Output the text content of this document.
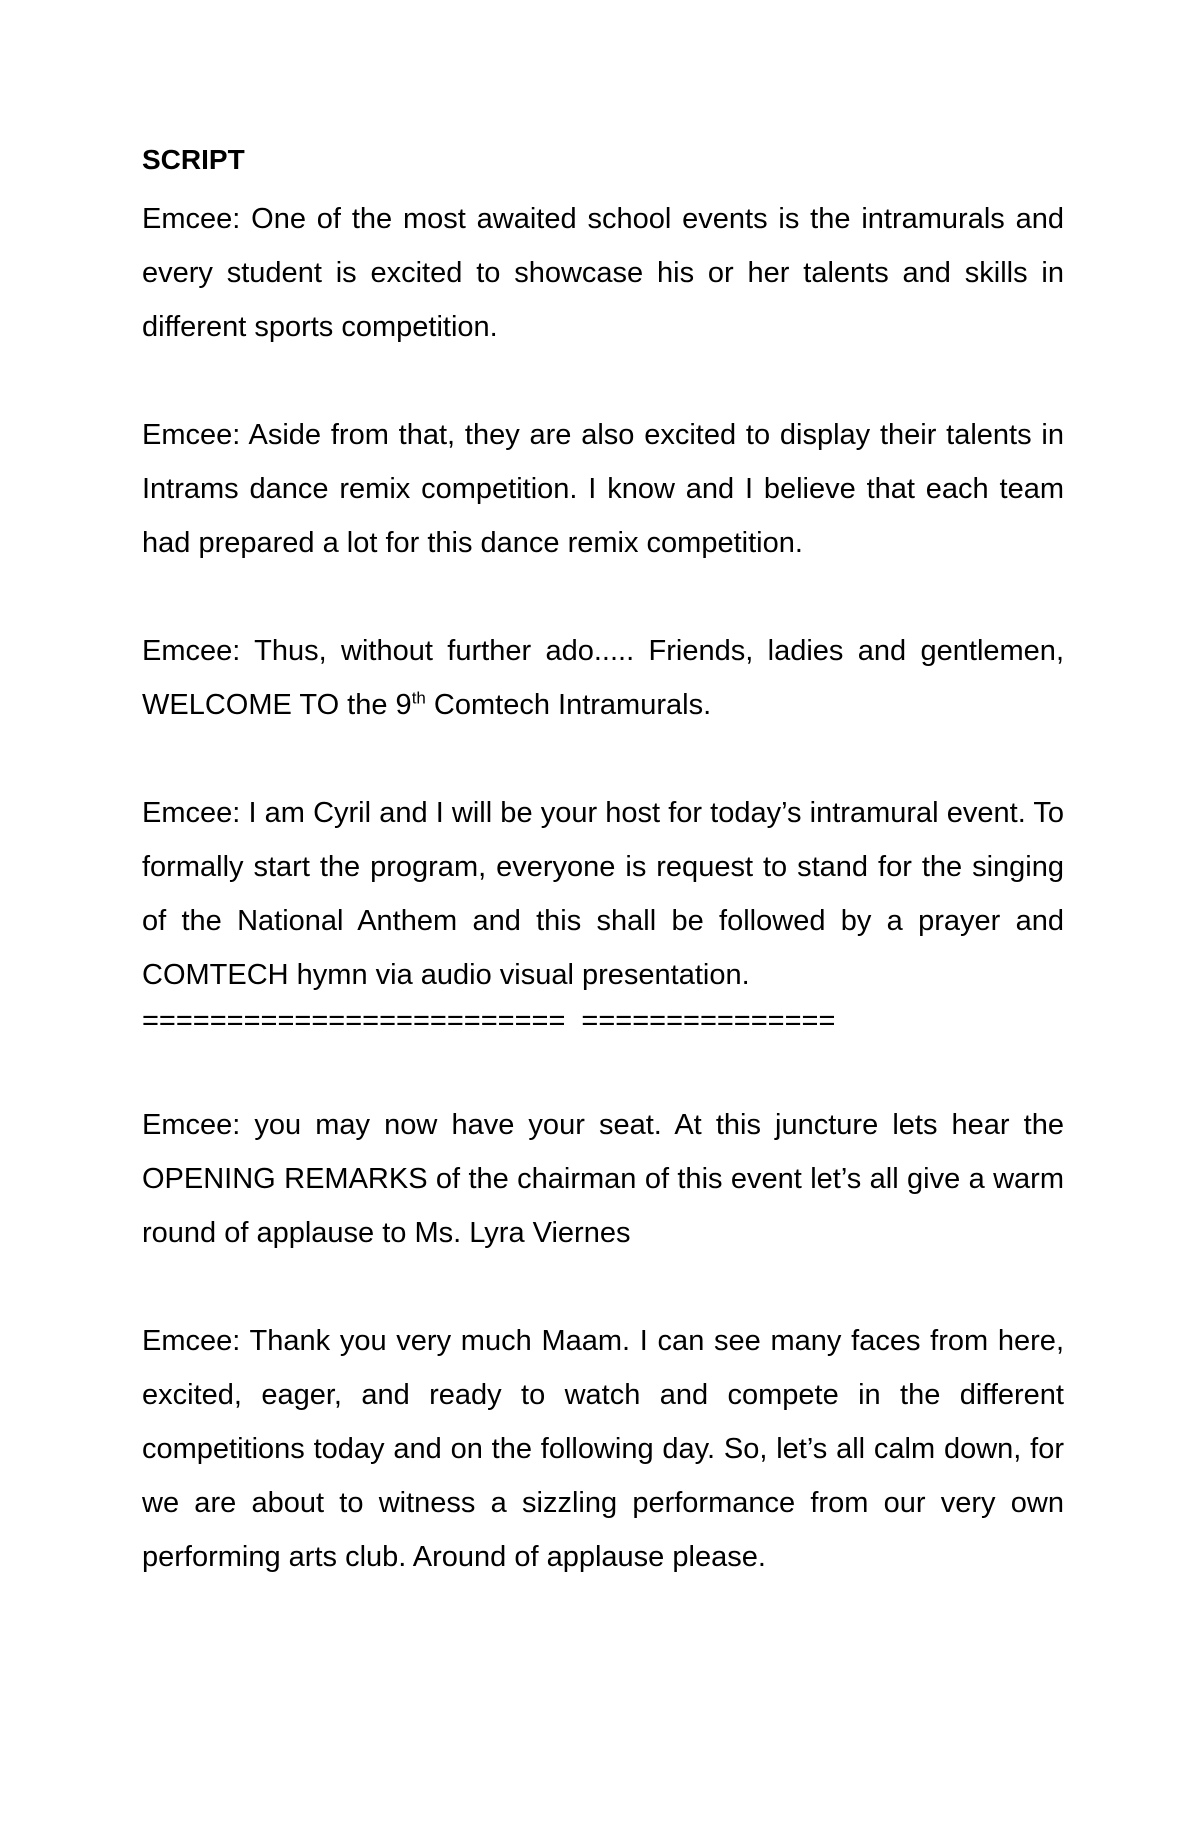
SCRIPT

Emcee: One of the most awaited school events is the intramurals and every student is excited to showcase his or her talents and skills in different sports competition.

Emcee: Aside from that, they are also excited to display their talents in Intrams dance remix competition. I know and I believe that each team had prepared a lot for this dance remix competition.

Emcee: Thus, without further ado..... Friends, ladies and gentlemen, WELCOME TO the 9th Comtech Intramurals.

Emcee: I am Cyril and I will be your host for today’s intramural event. To formally start the program, everyone is request to stand for the singing of the National Anthem and this shall be followed by a prayer and COMTECH hymn via audio visual presentation.

========================= ===============

Emcee: you may now have your seat. At this juncture lets hear the OPENING REMARKS of the chairman of this event let’s all give a warm round of applause to Ms. Lyra Viernes

Emcee: Thank you very much Maam. I can see many faces from here, excited, eager, and ready to watch and compete in the different competitions today and on the following day. So, let’s all calm down, for we are about to witness a sizzling performance from our very own performing arts club. Around of applause please.
